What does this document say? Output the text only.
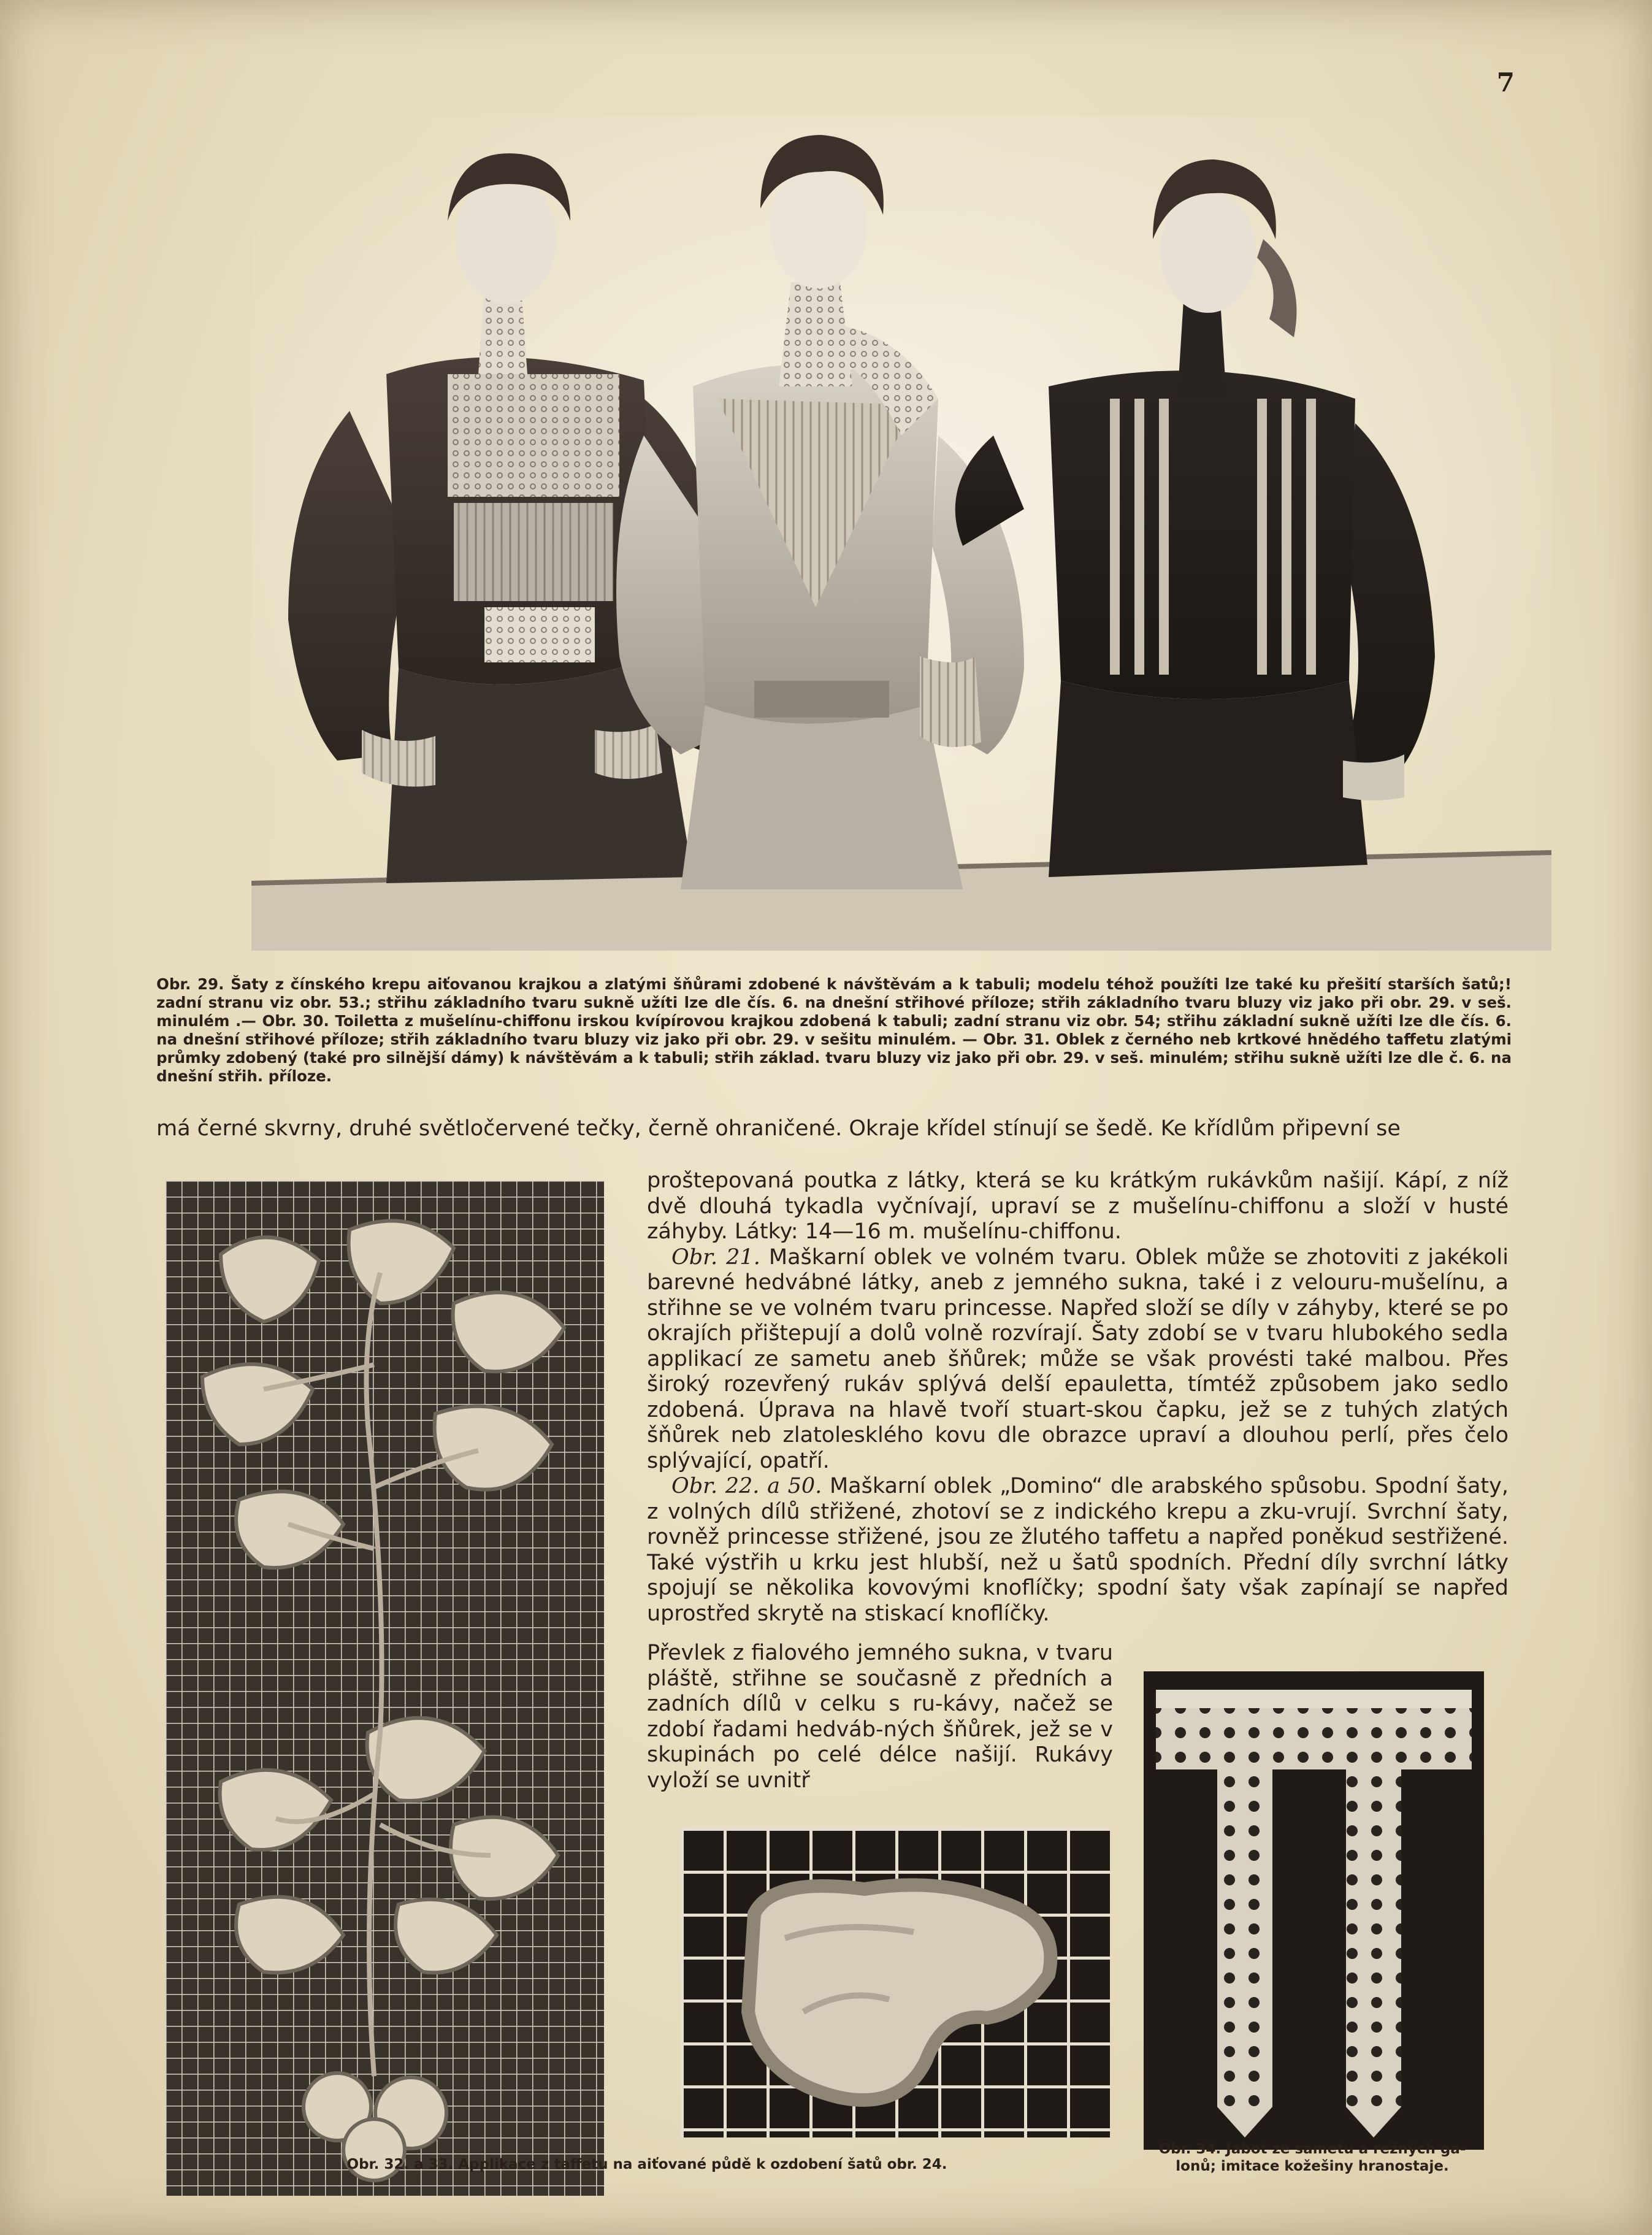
7
Obr. 29. Šaty z čínského krepu aiťovanou krajkou a zlatými šňůrami zdobené k návštěvám a k tabuli; modelu téhož použíti lze také ku přešití starších šatů;! zadní stranu viz obr. 53.; střihu základního tvaru sukně užíti lze dle čís. 6. na dnešní střihové příloze; střih základního tvaru bluzy viz jako při obr. 29. v seš. minulém .— Obr. 30. Toiletta z mušelínu-chiffonu irskou kvípírovou krajkou zdobená k tabuli; zadní stranu viz obr. 54; střihu základní sukně užíti lze dle čís. 6. na dnešní střihové příloze; střih základního tvaru bluzy viz jako při obr. 29. v sešitu minulém. — Obr. 31. Oblek z černého neb krtkové hnědého taffetu zlatými průmky zdobený (také pro silnější dámy) k návštěvám a k tabuli; střih základ. tvaru bluzy viz jako při obr. 29. v seš. minulém; střihu sukně užíti lze dle č. 6. na dnešní střih. příloze.

má černé skvrny, druhé světločervené tečky, černě ohraničené. Okraje křídel stínují se šedě. Ke křídlům připevní se

proštepovaná poutka z látky, která se ku krátkým rukávkům našijí. Kápí, z níž dvě dlouhá tykadla vyčnívají, upraví se z mušelínu-chiffonu a složí v husté záhyby. Látky: 14—16 m. mušelínu-chiffonu.

Obr. 21. Maškarní oblek ve volném tvaru. Oblek může se zhotoviti z jakékoli barevné hedvábné látky, aneb z jemného sukna, také i z velouru-mušelínu, a střihne se ve volném tvaru princesse. Napřed složí se díly v záhyby, které se po okrajích přištepují a dolů volně rozvírají. Šaty zdobí se v tvaru hlubokého sedla applikací ze sametu aneb šňůrek; může se však provésti také malbou. Přes široký rozevřený rukáv splývá delší epauletta, tímtéž způsobem jako sedlo zdobená. Úprava na hlavě tvoří stuart-skou čapku, jež se z tuhých zlatých šňůrek neb zlatolesklého kovu dle obrazce upraví a dlouhou perlí, přes čelo splývající, opatří.

Obr. 22. a 50. Maškarní oblek „Domino“ dle arabského spůsobu. Spodní šaty, z volných dílů střižené, zhotoví se z indického krepu a zku-vrují. Svrchní šaty, rovněž princesse střižené, jsou ze žlutého taffetu a napřed poněkud sestřižené. Také výstřih u krku jest hlubší, než u šatů spodních. Přední díly svrchní látky spojují se několika kovovými knoflíčky; spodní šaty však zapínají se napřed uprostřed skrytě na stiskací knoflíčky.

Převlek z fialového jemného sukna, v tvaru pláště, střihne se současně z předních a zadních dílů v celku s ru-kávy, načež se zdobí řadami hedváb-ných šňůrek, jež se v skupinách po celé délce našijí. Rukávy vyloží se uvnitř

Obr. 32. a 33. Applikace z taffetu na aiťované půdě k ozdobení šatů obr. 24.
Obr. 34. Jabot ze sametu a režných ga-
lonů; imitace kožešiny hranostaje.
